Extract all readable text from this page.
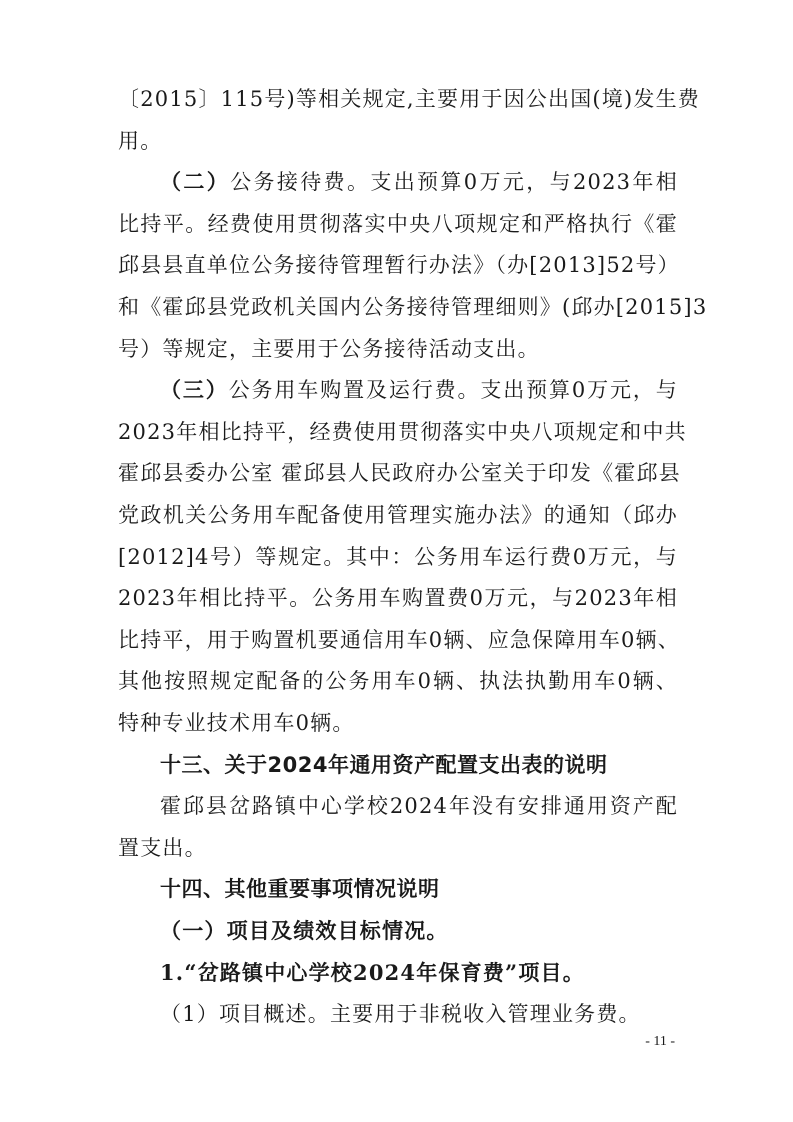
〔2015〕115号)等相关规定,主要用于因公出国(境)发生费
用。
（二）公务接待费。支出预算0万元，与2023年相
比持平。经费使用贯彻落实中央八项规定和严格执行《霍
邱县县直单位公务接待管理暂行办法》（办[2013]52号）
和《霍邱县党政机关国内公务接待管理细则》(邱办[2015]3
号）等规定，主要用于公务接待活动支出。
（三）公务用车购置及运行费。支出预算0万元，与
2023年相比持平，经费使用贯彻落实中央八项规定和中共
霍邱县委办公室 霍邱县人民政府办公室关于印发《霍邱县
党政机关公务用车配备使用管理实施办法》的通知（邱办
[2012]4号）等规定。其中：公务用车运行费0万元，与
2023年相比持平。公务用车购置费0万元，与2023年相
比持平，用于购置机要通信用车0辆、应急保障用车0辆、
其他按照规定配备的公务用车0辆、执法执勤用车0辆、
特种专业技术用车0辆。
十三、关于2024年通用资产配置支出表的说明
霍邱县岔路镇中心学校2024年没有安排通用资产配
置支出。
十四、其他重要事项情况说明
（一）项目及绩效目标情况。
1.“岔路镇中心学校2024年保育费”项目。
（1）项目概述。主要用于非税收入管理业务费。
- 11 -
